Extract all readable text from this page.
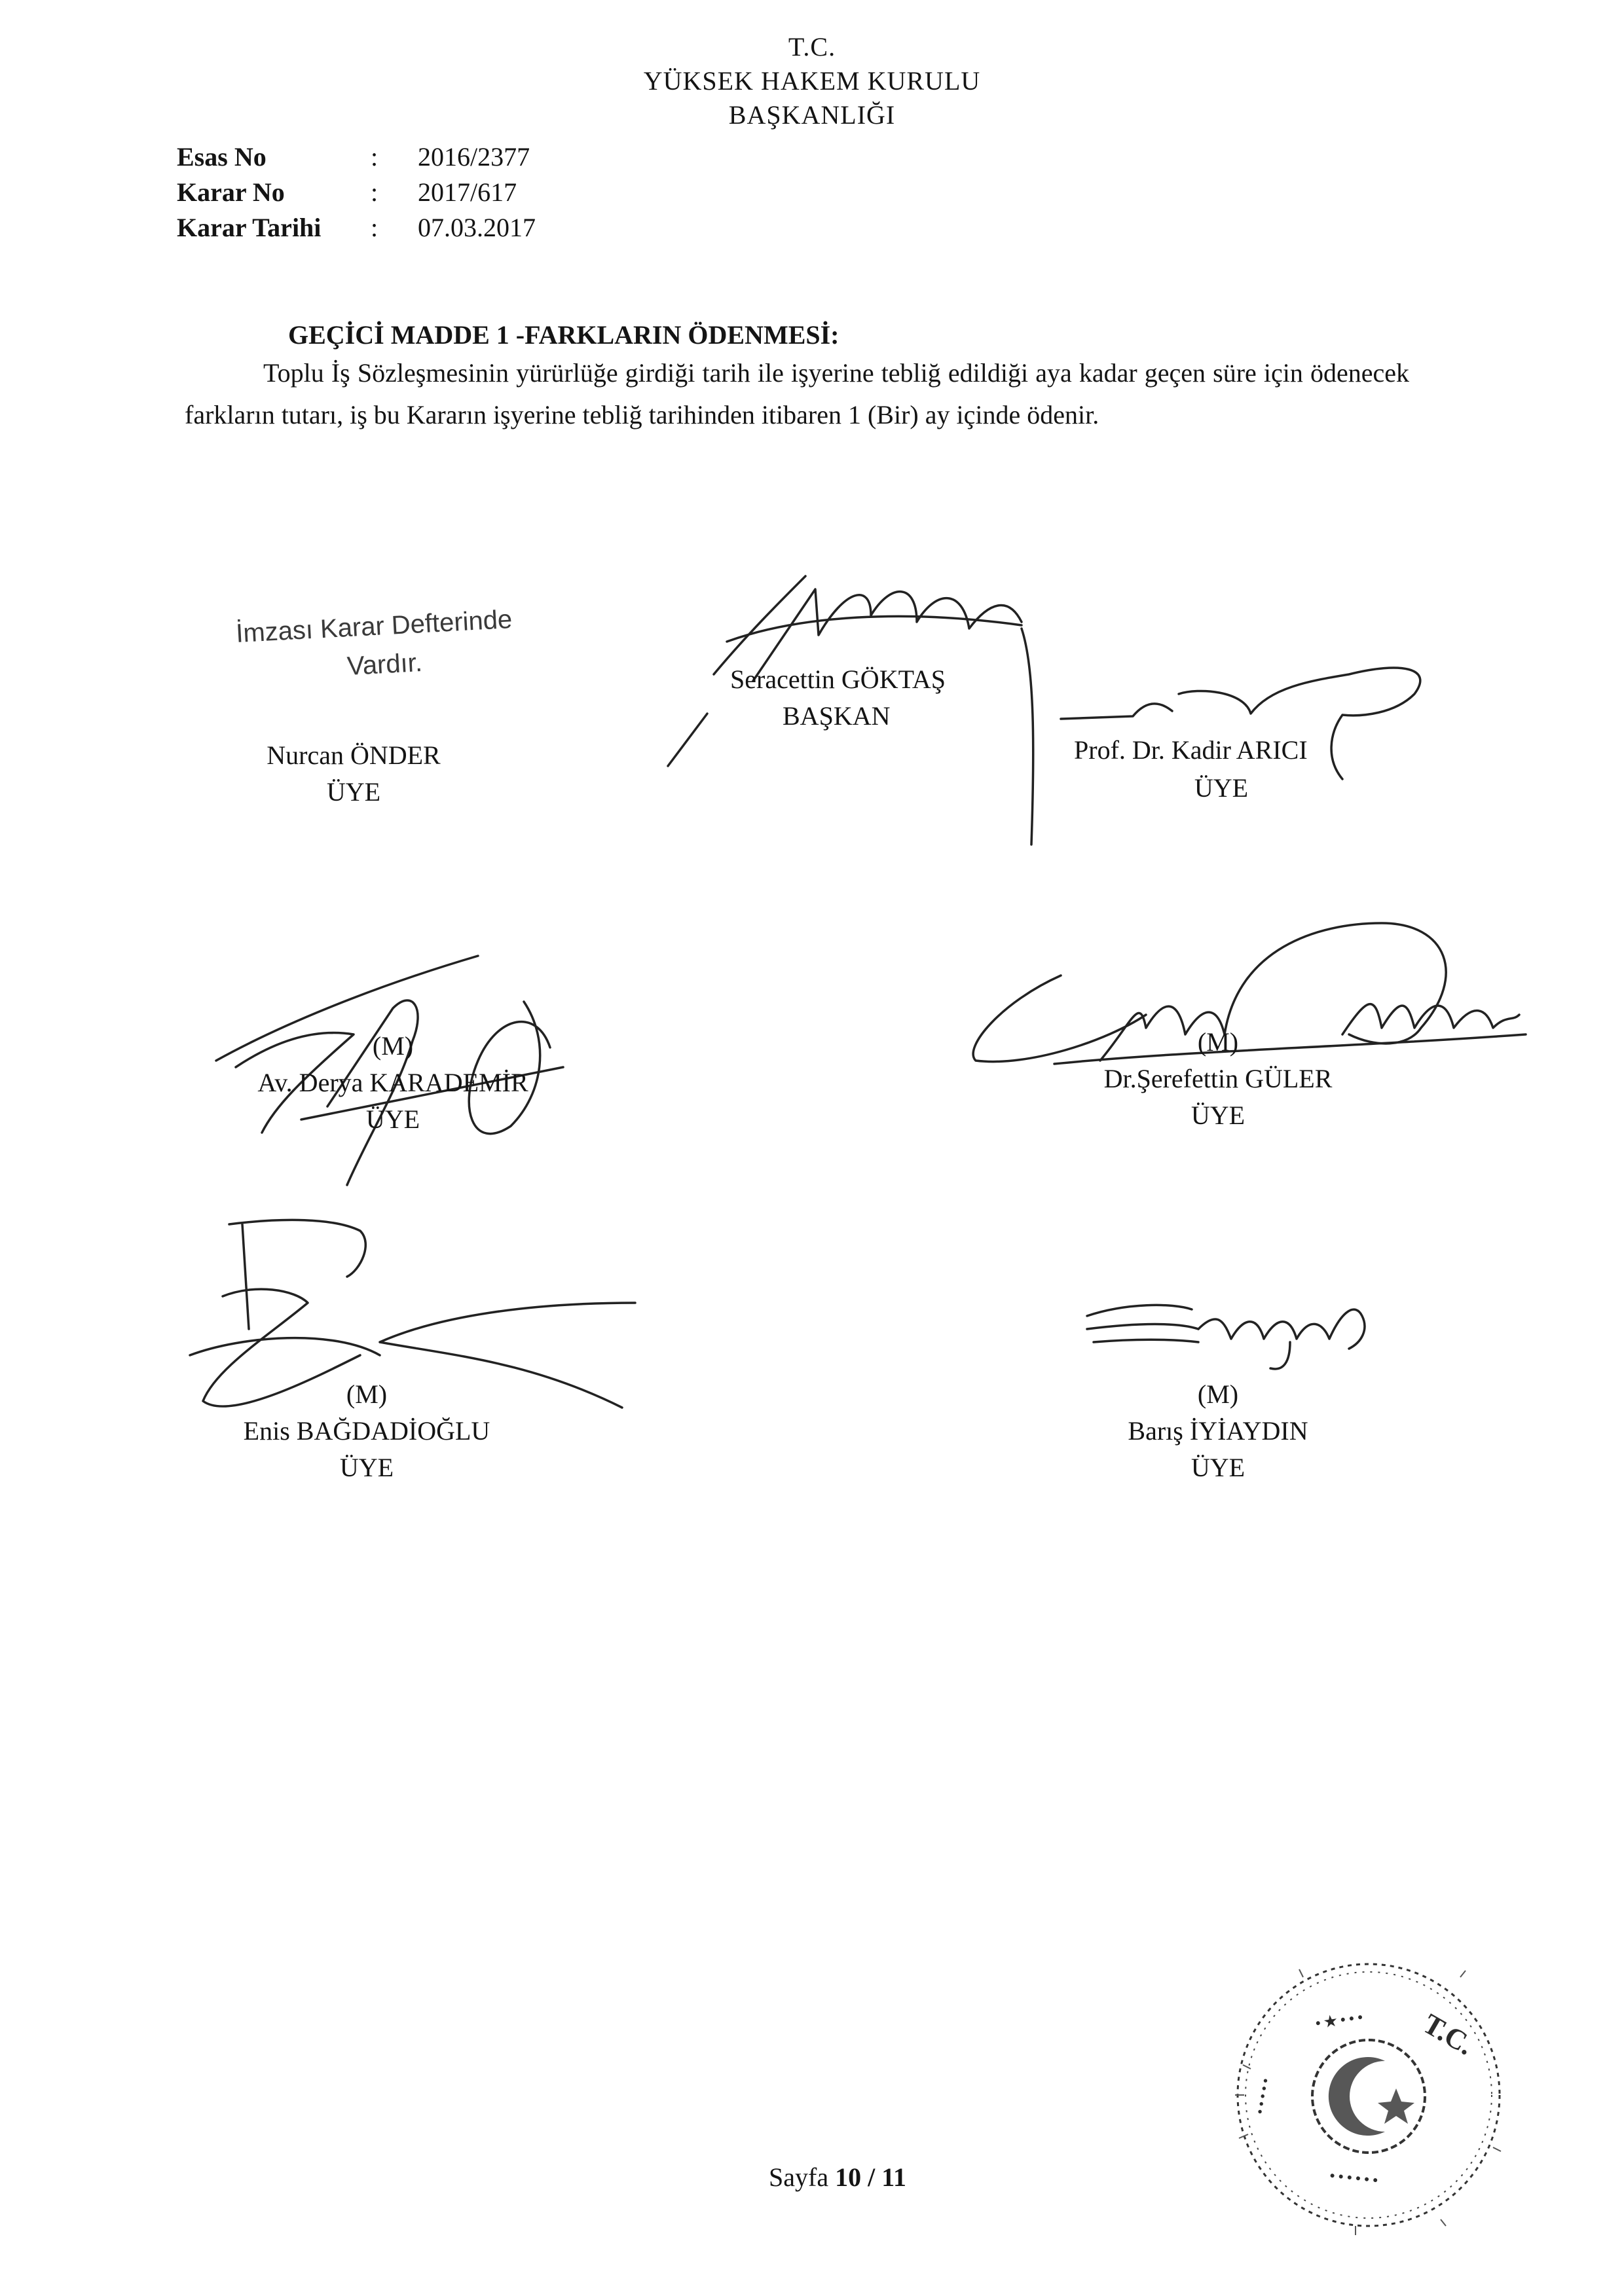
T.C.
YÜKSEK HAKEM KURULU
BAŞKANLIĞI
Esas No	: 2016/2377
Karar No	: 2017/617
Karar Tarihi : 07.03.2017
GEÇİCİ MADDE 1 -FARKLARIN ÖDENMESİ:
Toplu İş Sözleşmesinin yürürlüğe girdiği tarih ile işyerine tebliğ edildiği aya kadar geçen süre için ödenecek farkların tutarı, iş bu Kararın işyerine tebliğ tarihinden itibaren 1 (Bir) ay içinde ödenir.
İmzası Karar Defterinde
Vardır.
Nurcan ÖNDER
ÜYE
Seracettin GÖKTAŞ
BAŞKAN
Prof. Dr. Kadir ARICI
ÜYE
(M)
Av. Derya KARADEMİR
ÜYE
(M)
Dr.Şerefettin GÜLER
ÜYE
(M)
Enis BAĞDADİOĞLU
ÜYE
(M)
Barış İYİAYDIN
ÜYE
T.C.
• ★ • • •
• • • • • •
• • • • •
Sayfa 10 / 11
